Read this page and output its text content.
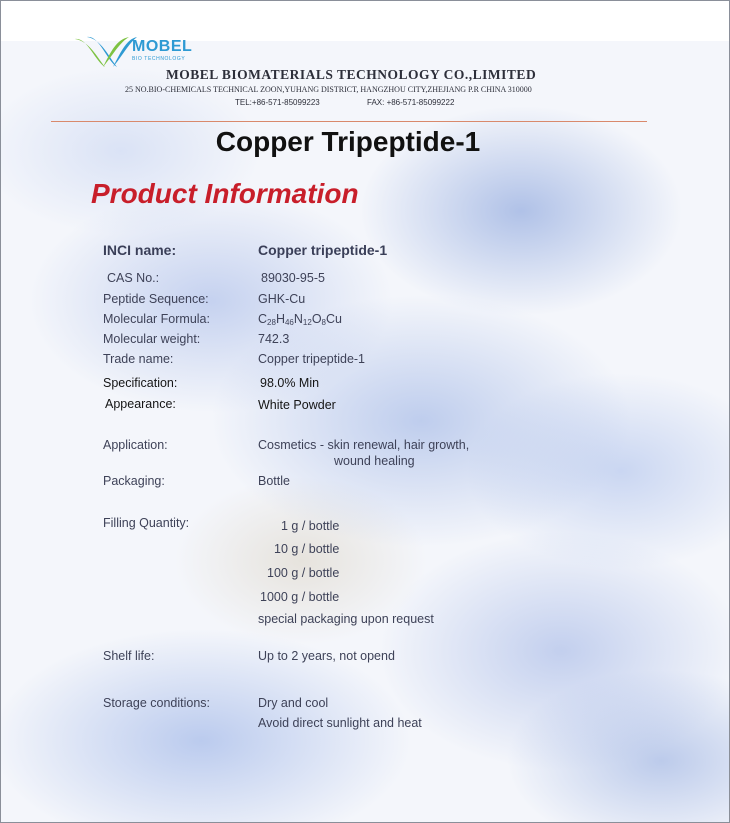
MOBEL
BIO TECHNOLOGY
MOBEL BIOMATERIALS TECHNOLOGY CO.,LIMITED
25 NO.BIO-CHEMICALS TECHNICAL ZOON,YUHANG DISTRICT, HANGZHOU CITY,ZHEJIANG P.R CHINA 310000
TEL:+86-571-85099223	FAX: +86-571-85099222
Copper Tripeptide-1
Product Information
INCI name:	Copper tripeptide-1
CAS No.:	89030-95-5
Peptide Sequence:	GHK-Cu
Molecular Formula:	$C_{28}H_{46}N_{12}O_8Cu$
Molecular weight:	742.3
Trade name:	Copper tripeptide-1
Specification:	98.0% Min
Appearance:	White Powder
Application:	Cosmetics - skin renewal, hair growth,
wound healing
Packaging:	Bottle
Filling Quantity:	1 g / bottle
10 g / bottle
100 g / bottle
1000 g / bottle
special packaging upon request
Shelf life:	Up to 2 years, not opend
Storage conditions:	Dry and cool
Avoid direct sunlight and heat
